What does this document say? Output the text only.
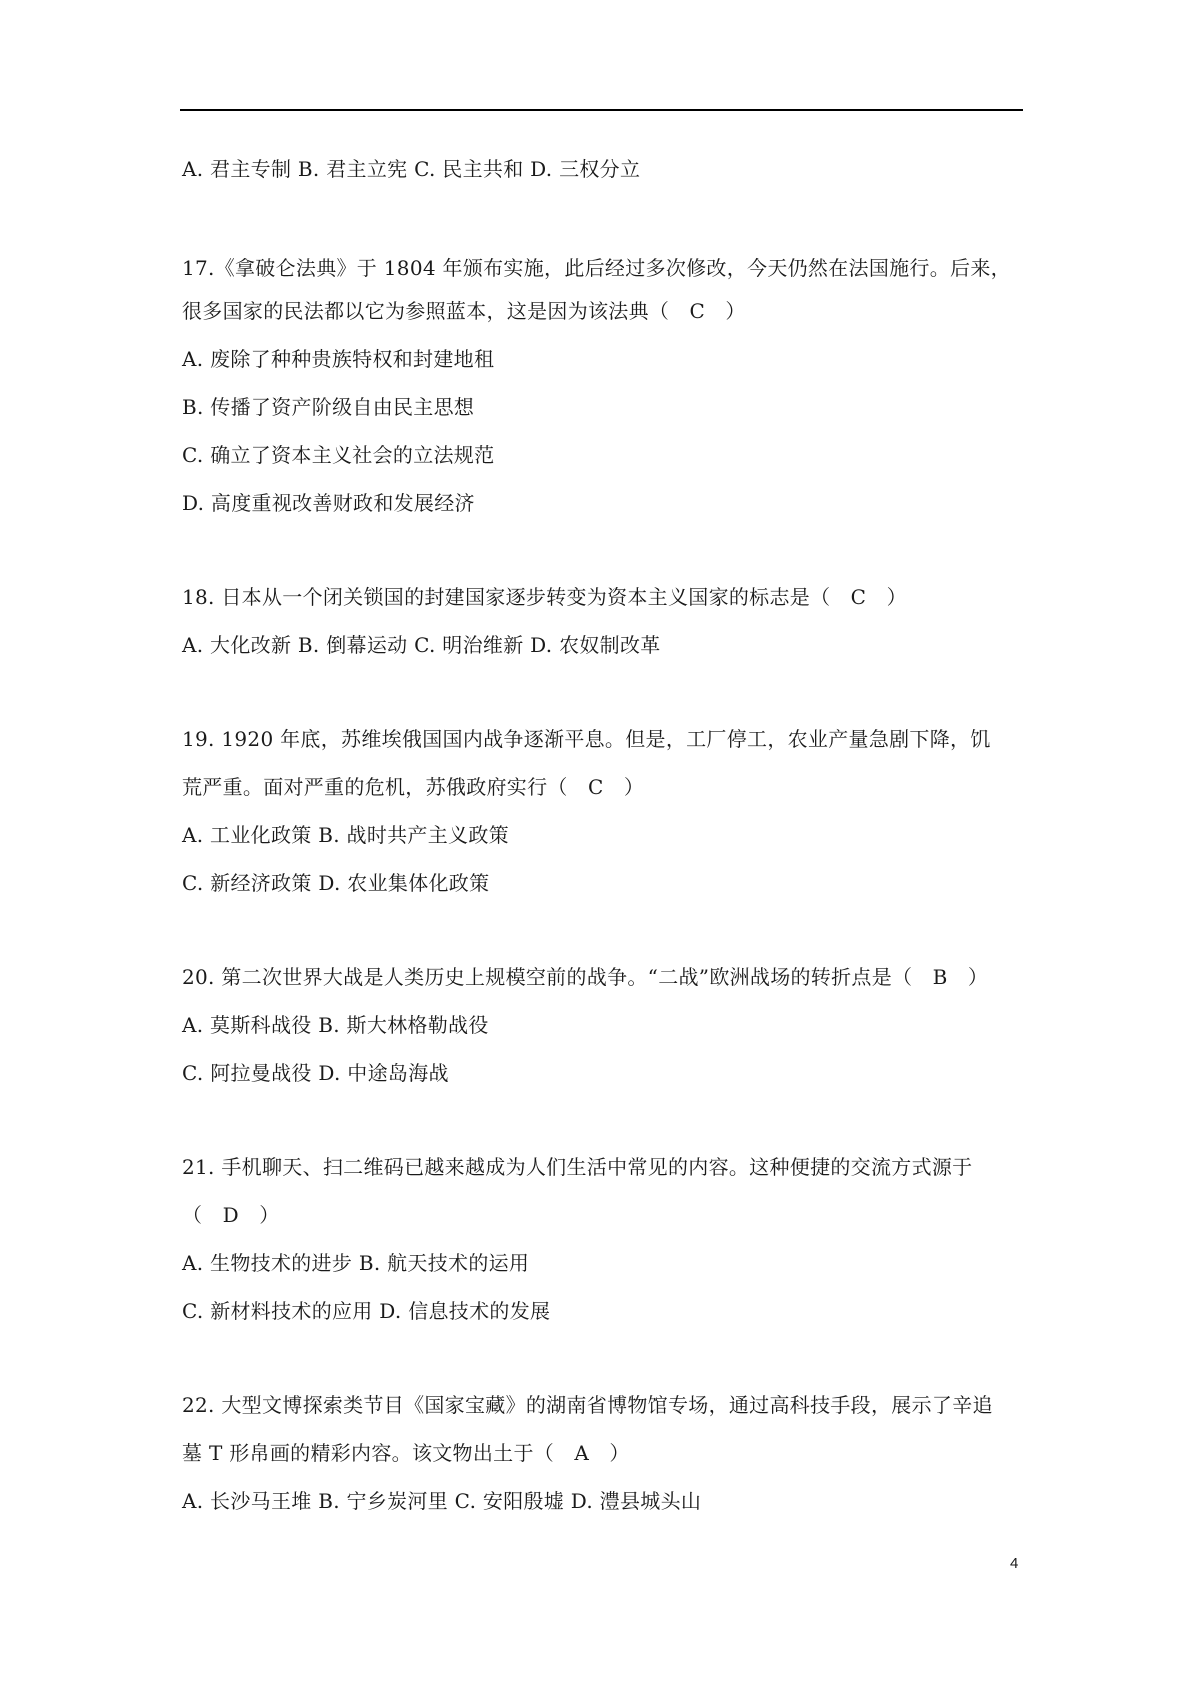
A. 君主专制 B. 君主立宪 C. 民主共和 D. 三权分立
17.《拿破仑法典》于 1804 年颁布实施，此后经过多次修改，今天仍然在法国施行。后来，
很多国家的民法都以它为参照蓝本，这是因为该法典（　C　）
A. 废除了种种贵族特权和封建地租
B. 传播了资产阶级自由民主思想
C. 确立了资本主义社会的立法规范
D. 高度重视改善财政和发展经济
18. 日本从一个闭关锁国的封建国家逐步转变为资本主义国家的标志是（　C　）
A. 大化改新 B. 倒幕运动 C. 明治维新 D. 农奴制改革
19. 1920 年底，苏维埃俄国国内战争逐渐平息。但是，工厂停工，农业产量急剧下降，饥
荒严重。面对严重的危机，苏俄政府实行（　C　）
A. 工业化政策 B. 战时共产主义政策
C. 新经济政策 D. 农业集体化政策
20. 第二次世界大战是人类历史上规模空前的战争。“二战”欧洲战场的转折点是（　B　）
A. 莫斯科战役 B. 斯大林格勒战役
C. 阿拉曼战役 D. 中途岛海战
21. 手机聊天、扫二维码已越来越成为人们生活中常见的内容。这种便捷的交流方式源于
（　D　）
A. 生物技术的进步 B. 航天技术的运用
C. 新材料技术的应用 D. 信息技术的发展
22. 大型文博探索类节目《国家宝藏》的湖南省博物馆专场，通过高科技手段，展示了辛追
墓 T 形帛画的精彩内容。该文物出土于（　A　）
A. 长沙马王堆 B. 宁乡炭河里 C. 安阳殷墟 D. 澧县城头山
4
